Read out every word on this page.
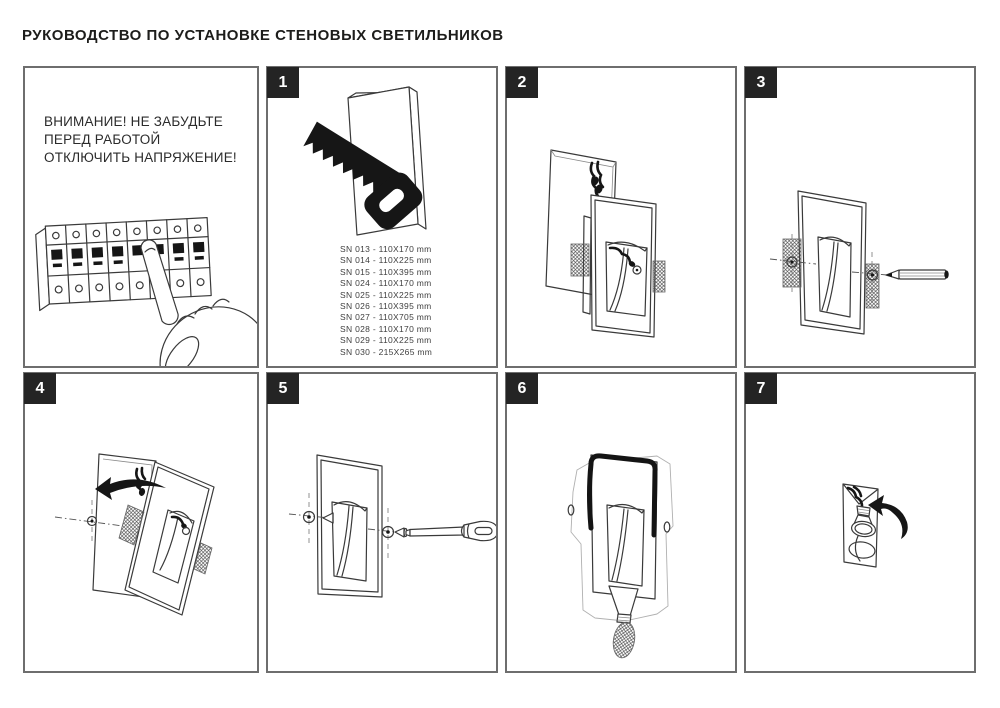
РУКОВОДСТВО ПО УСТАНОВКЕ СТЕНОВЫХ СВЕТИЛЬНИКОВ
ВНИМАНИЕ! НЕ ЗАБУДЬТЕ
ПЕРЕД РАБОТОЙ
ОТКЛЮЧИТЬ НАПРЯЖЕНИЕ!
1
SN 013 - 110X170 mm
SN 014 - 110X225 mm
SN 015 - 110X395 mm
SN 024 - 110X170 mm
SN 025 - 110X225 mm
SN 026 - 110X395 mm
SN 027 - 110X705 mm
SN 028 - 110X170 mm
SN 029 - 110X225 mm
SN 030 - 215X265 mm
2	3
4	5	6	7
